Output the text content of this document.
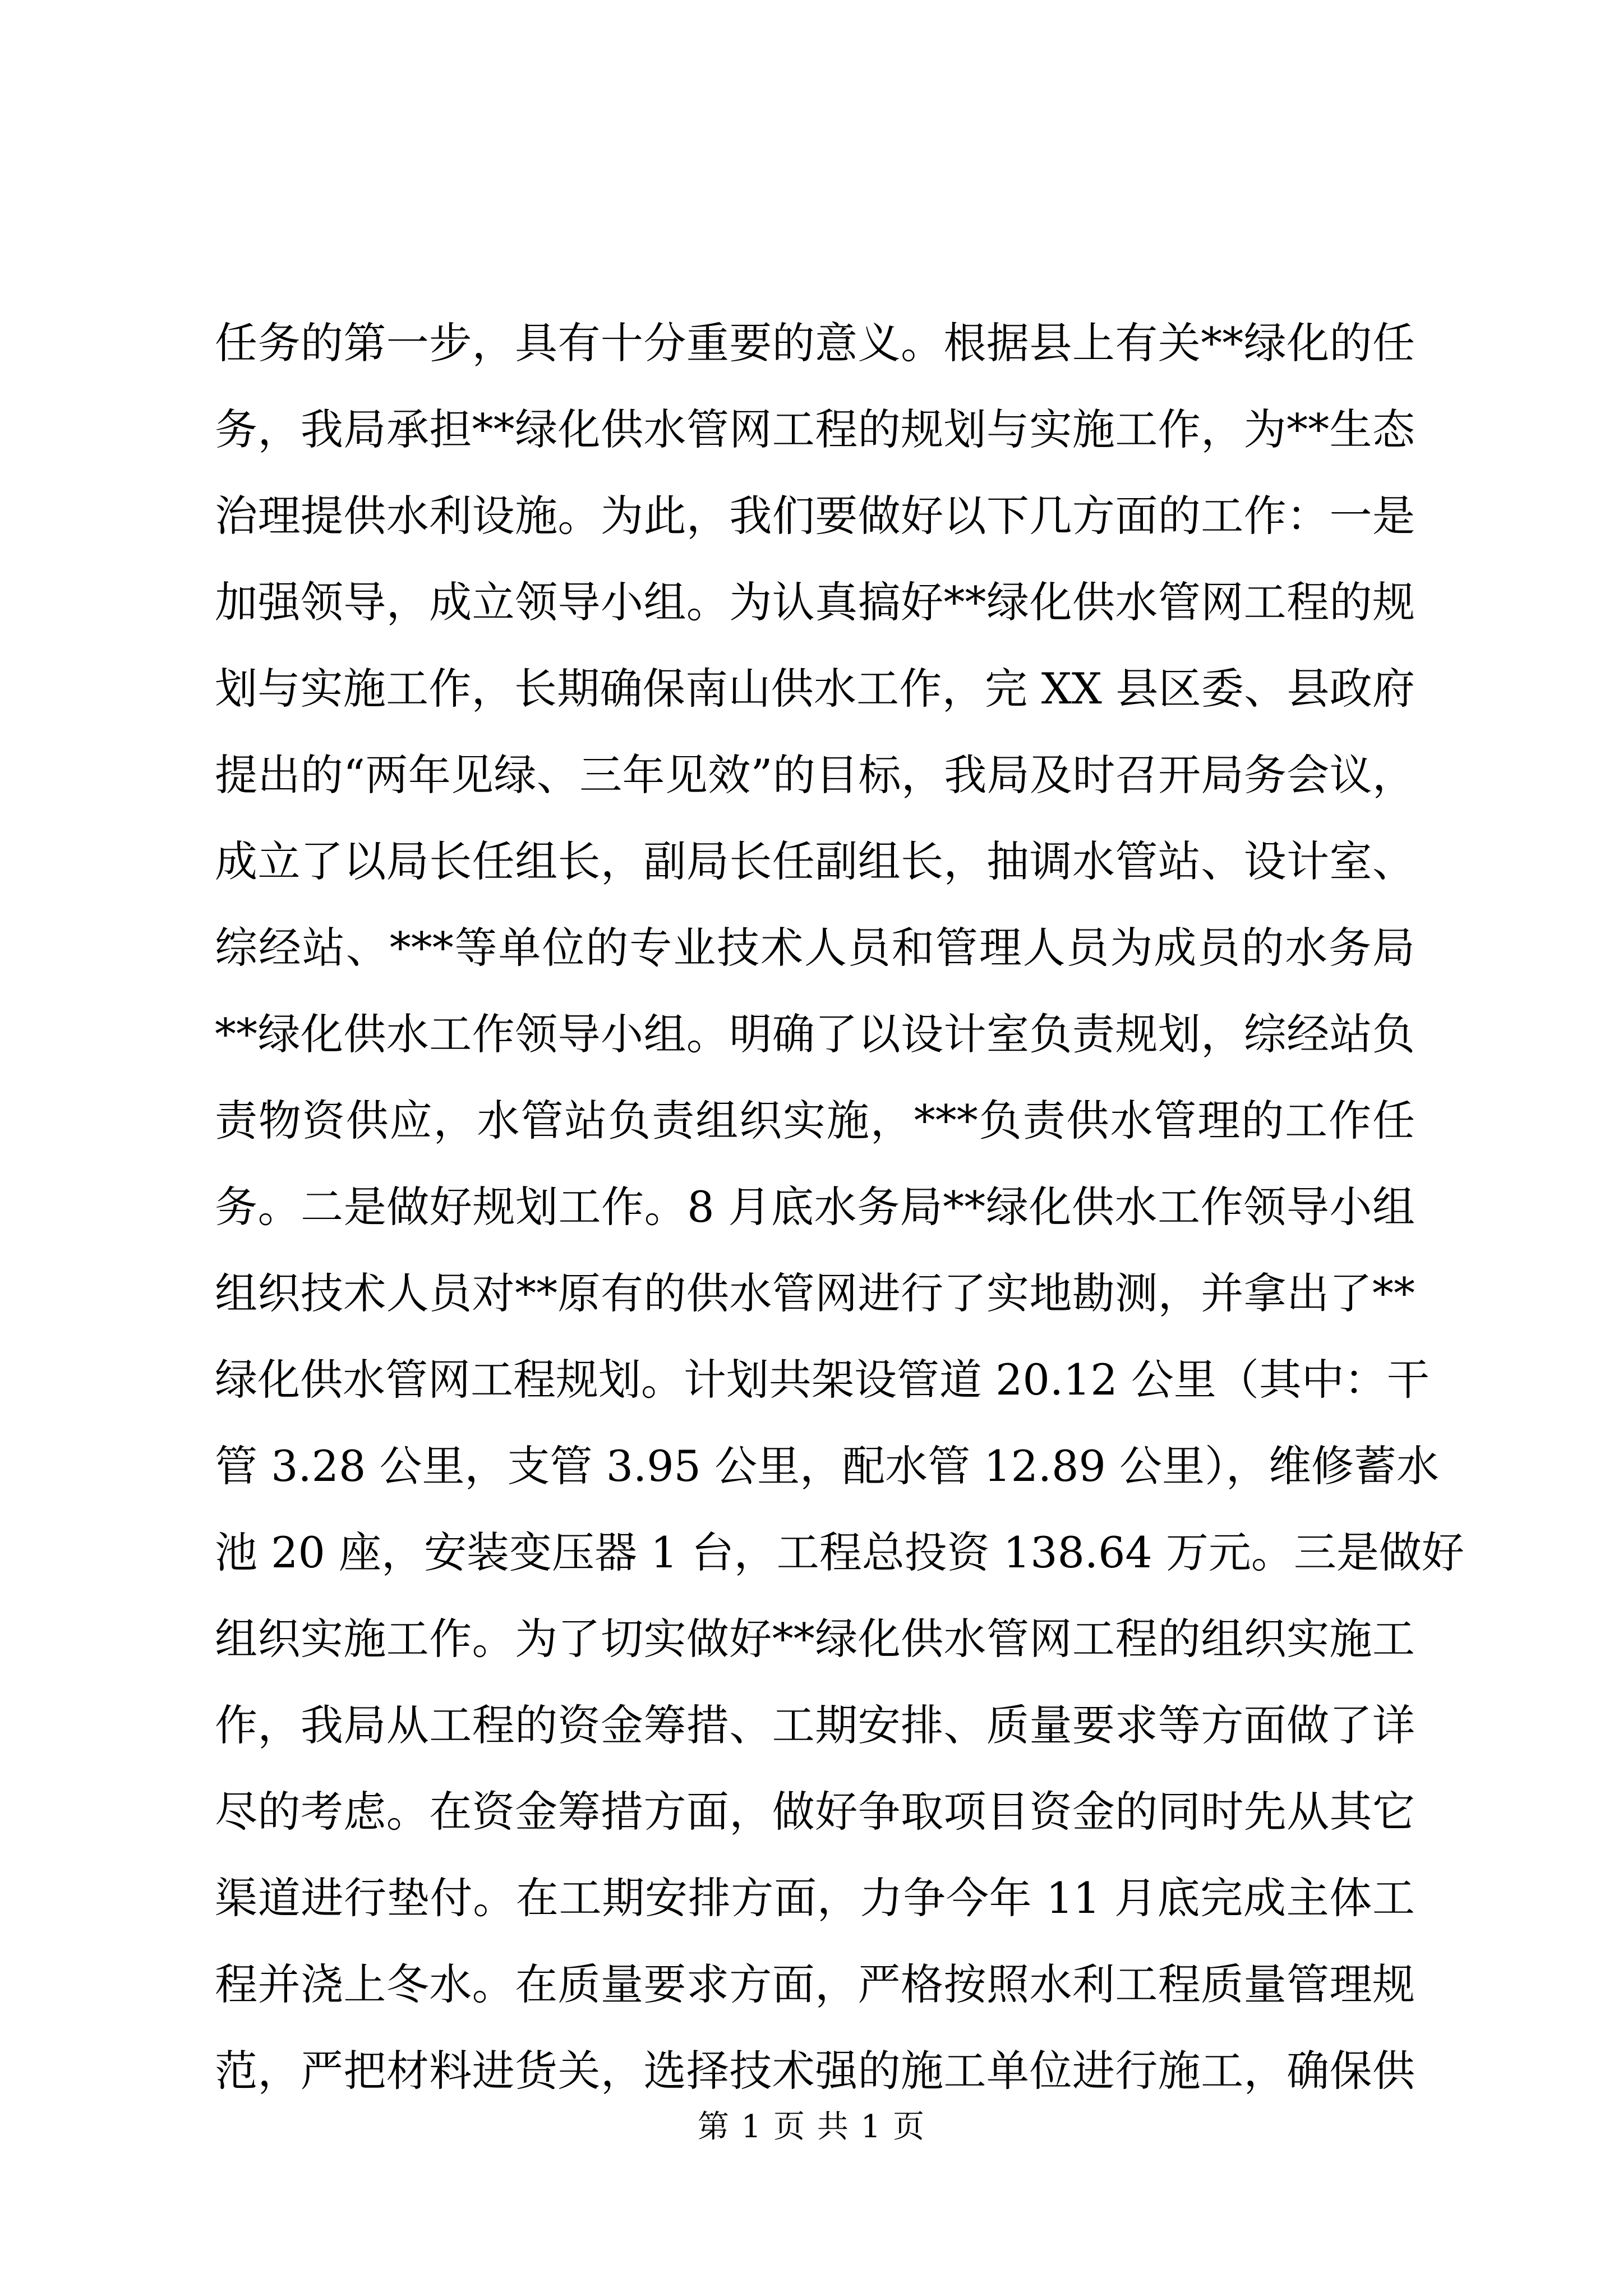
任务的第一步，具有十分重要的意义。根据县上有关**绿化的任
务，我局承担**绿化供水管网工程的规划与实施工作，为**生态
治理提供水利设施。为此，我们要做好以下几方面的工作：一是
加强领导，成立领导小组。为认真搞好**绿化供水管网工程的规
划与实施工作，长期确保南山供水工作，完 XX 县区委、县政府
提出的“两年见绿、三年见效”的目标，我局及时召开局务会议，
成立了以局长任组长，副局长任副组长，抽调水管站、设计室、
综经站、***等单位的专业技术人员和管理人员为成员的水务局
**绿化供水工作领导小组。明确了以设计室负责规划，综经站负
责物资供应，水管站负责组织实施，***负责供水管理的工作任
务。二是做好规划工作。8 月底水务局**绿化供水工作领导小组
组织技术人员对**原有的供水管网进行了实地勘测，并拿出了**
绿化供水管网工程规划。计划共架设管道 20.12 公里（其中：干
管 3.28 公里，支管 3.95 公里，配水管 12.89 公里），维修蓄水
池 20 座，安装变压器 1 台，工程总投资 138.64 万元。三是做好
组织实施工作。为了切实做好**绿化供水管网工程的组织实施工
作，我局从工程的资金筹措、工期安排、质量要求等方面做了详
尽的考虑。在资金筹措方面，做好争取项目资金的同时先从其它
渠道进行垫付。在工期安排方面，力争今年 11 月底完成主体工
程并浇上冬水。在质量要求方面，严格按照水利工程质量管理规
范，严把材料进货关，选择技术强的施工单位进行施工，确保供
第 1 页 共 1 页
